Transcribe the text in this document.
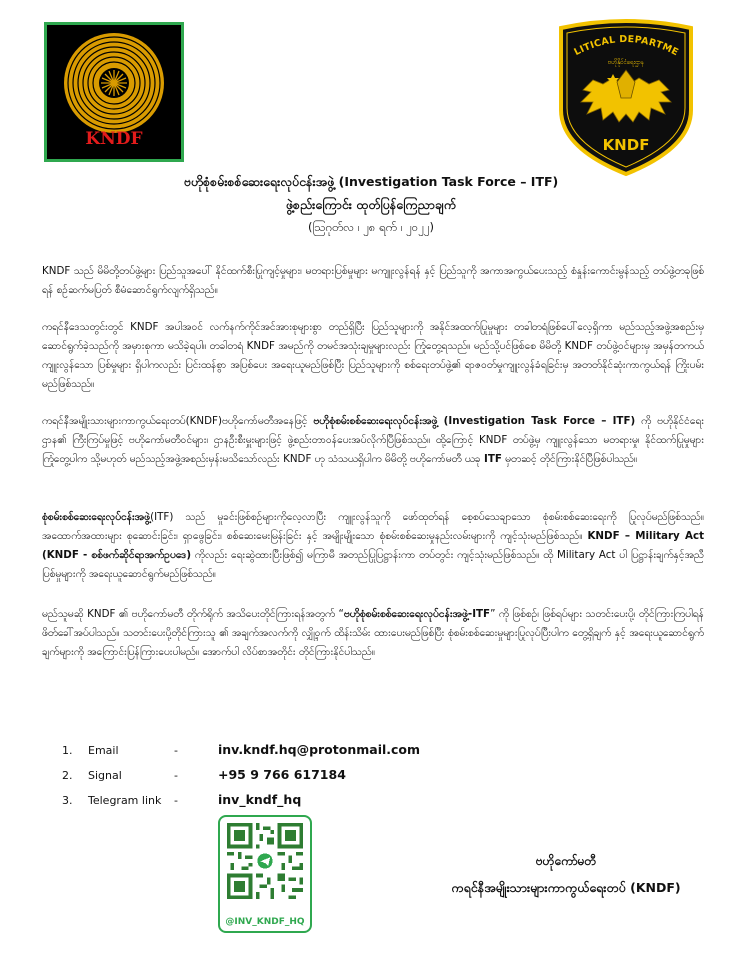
KNDF
LITICAL DEPARTME
ဗဟိုနိုင်ငံရေးဌာန
KNDF
ဗဟိုစုံစမ်းစစ်ဆေးရေးလုပ်ငန်းအဖွဲ့ (Investigation Task Force – ITF)
ဖွဲ့စည်းကြောင်း ထုတ်ပြန်ကြေညာချက်
(သြဂုတ်လ ၊ ၂၈ ရက် ၊ ၂၀၂၂)
KNDF သည် မိမိတို့တပ်ဖွဲ့များ ပြည်သူအပေါ် နိုင်ထက်စီးပြုကျင့်မှုများ၊ မတရားပြစ်မှုများ မကျူးလွန်ရန် နှင့် ပြည်သူကို အကာအကွယ်ပေးသည့် စံနှုန်းကောင်းမွန်သည့် တပ်ဖွဲ့တခုဖြစ်ရန် စဉ်ဆက်မပြတ် စီမံဆောင်ရွက်လျက်ရှိသည်။
ကရင်နီဒေသတွင်းတွင် KNDF အပါအဝင် လက်နက်ကိုင်အင်အားစုများစွာ တည်ရှိပြီး ပြည်သူများကို အနိုင်အထက်ပြုမှုများ တခါတရံဖြစ်ပေါ်လေ့ရှိကာ မည်သည့်အဖွဲ့အစည်းမှ ဆောင်ရွက်ခဲ့သည်ကို အမှားစုကာ မသိခဲ့ရပါ။ တခါတရံ KNDF အမည်ကို တမင်အသုံးချမှုများလည်း ကြုံတွေ့ရသည်။ မည်သို့ပင်ဖြစ်စေ မိမိတို့ KNDF တပ်ဖွဲ့ဝင်များမှ အမှန်တကယ်ကျူးလွန်သော ပြစ်မှုများ ရှိပါကလည်း ပြင်းထန်စွာ အပြစ်ပေး အရေးယူမည်ဖြစ်ပြီး ပြည်သူများကို စစ်ရေးတပ်ဖွဲ့၏ ရာဇဝတ်မှုကျူးလွန်ခံရခြင်းမှ အတတ်နိုင်ဆုံးကာကွယ်ရန် ကြိုးပမ်းမည်ဖြစ်သည်။
ကရင်နီအမျိုးသားများကာကွယ်ရေးတပ်(KNDF)ဗဟိုကော်မတီအနေဖြင့် ဗဟိုစုံစမ်းစစ်ဆေးရေးလုပ်ငန်းအဖွဲ့ (Investigation Task Force – ITF) ကို ဗဟိုနိုင်ငံရေးဌာန၏ ကြီးကြပ်မှုဖြင့် ဗဟိုကော်မတီဝင်များ၊ ဌာနဦးစီးမှူးများဖြင့် ဖွဲ့စည်းတာဝန်ပေးအပ်လိုက်ပြီဖြစ်သည်။ ထို့ကြောင့် KNDF တပ်ဖွဲ့မှ ကျူးလွန်သော မတရားမှု၊ နိုင်ထက်ပြုမှုများကြုံတွေ့ပါက သို့မဟုတ် မည်သည့်အဖွဲ့အစည်းမှန်းမသိသော်လည်း KNDF ဟု သံသယရှိပါက မိမိတို့ ဗဟိုကော်မတီ ယခု ITF မှတဆင့် တိုင်ကြားနိုင်ပြီဖြစ်ပါသည်။
စုံစမ်းစစ်ဆေးရေးလုပ်ငန်းအဖွဲ့(ITF) သည် မှုခင်းဖြစ်စဉ်များကိုလေ့လာပြီး ကျူးလွန်သူကို ဖော်ထုတ်ရန် စေ့စပ်သေချာသော စုံစမ်းစစ်ဆေးရေးကို ပြုလုပ်မည်ဖြစ်သည်။ အထောက်အထားများ စုဆောင်းခြင်း၊ ရှာဖွေခြင်း၊ စစ်ဆေးမေးမြန်းခြင်း နှင့် အမျိုးမျိုးသော စုံစမ်းစစ်ဆေးမှုနည်းလမ်းများကို ကျင့်သုံးမည်ဖြစ်သည်။ KNDF – Military Act (KNDF - စစ်ဖက်ဆိုင်ရာအက်ဥပဒေ) ကိုလည်း ရေးဆွဲထားပြီးဖြစ်၍ မကြာမီ အတည်ပြုပြဋ္ဌာန်းကာ တပ်တွင်း ကျင့်သုံးမည်ဖြစ်သည်။ ထို Military Act ပါ ပြဋ္ဌာန်းချက်နှင့်အညီ ပြစ်မှုများကို အရေးယူဆောင်ရွက်မည်ဖြစ်သည်။
မည်သူမဆို KNDF ၏ ဗဟိုကော်မတီ တိုက်ရိုက် အသိပေးတိုင်ကြားရန်အတွက် “ဗဟိုစုံစမ်းစစ်ဆေးရေးလုပ်ငန်းအဖွဲ့-ITF” ကို ဖြစ်စဉ်၊ ဖြစ်ရပ်များ သတင်းပေးပို့၊ တိုင်ကြားကြပါရန် ဖိတ်ခေါ်အပ်ပါသည်။ သတင်းပေးပို့တိုင်ကြားသူ ၏ အချက်အလက်ကို လျှို့ဝှက် ထိန်းသိမ်း ထားပေးမည်ဖြစ်ပြီး စုံစမ်းစစ်ဆေးမှုများပြုလုပ်ပြီးပါက တွေ့ရှိချက် နှင့် အရေးယူဆောင်ရွက်ချက်များကို အကြောင်းပြန်ကြားပေးပါမည်။ အောက်ပါ လိပ်စာအတိုင်း တိုင်ကြားနိုင်ပါသည်။
1.	Email	-	inv.kndf.hq@protonmail.com
2.	Signal	-	+95 9 766 617184
3.	Telegram link -	inv_kndf_hq
@INV_KNDF_HQ
ဗဟိုကော်မတီ
ကရင်နီအမျိုးသားများကာကွယ်ရေးတပ် (KNDF)
